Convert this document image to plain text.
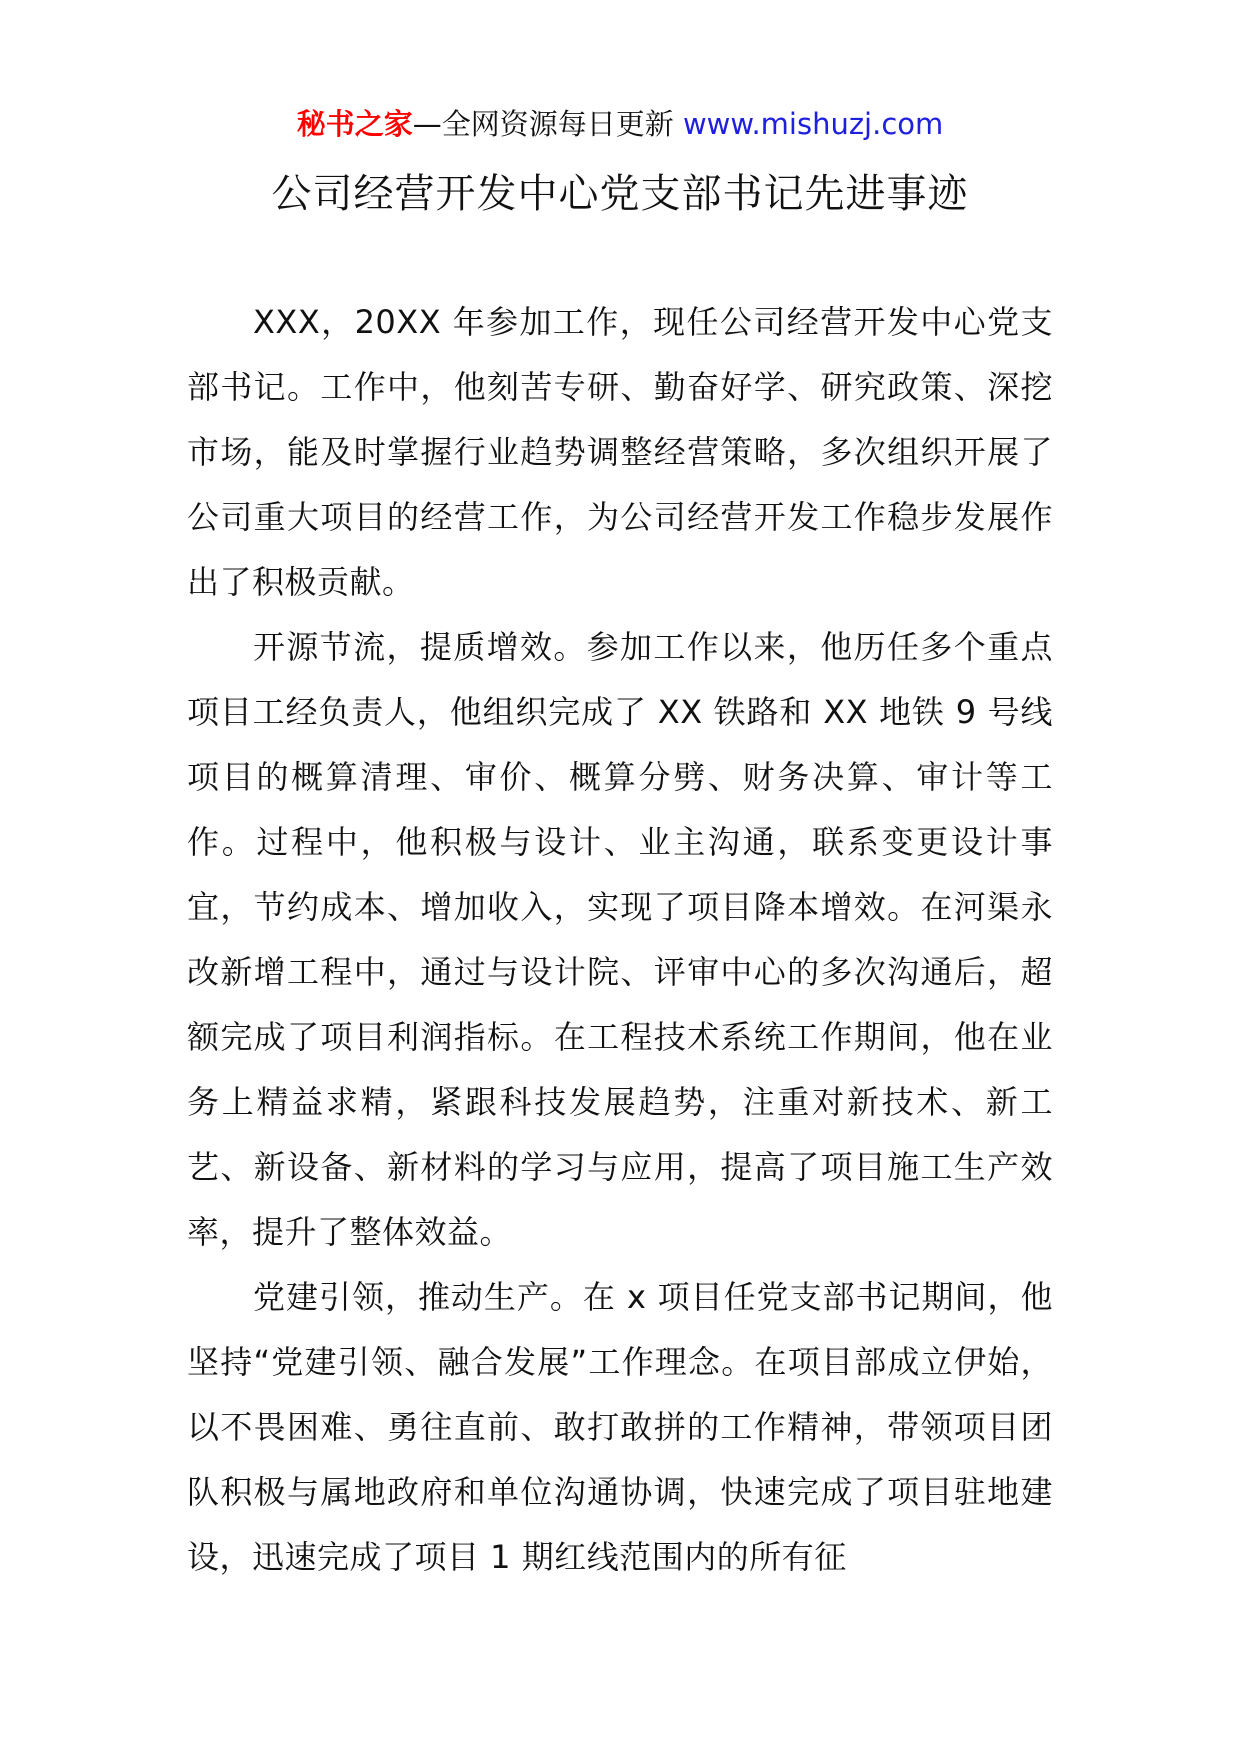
秘书之家—全网资源每日更新 www.mishuzj.com
公司经营开发中心党支部书记先进事迹

XXX，20XX 年参加工作，现任公司经营开发中心党支部书记。工作中，他刻苦专研、勤奋好学、研究政策、深挖市场，能及时掌握行业趋势调整经营策略，多次组织开展了公司重大项目的经营工作，为公司经营开发工作稳步发展作出了积极贡献。

开源节流，提质增效。参加工作以来，他历任多个重点项目工经负责人，他组织完成了 XX 铁路和 XX 地铁 9 号线项目的概算清理、审价、概算分劈、财务决算、审计等工作。过程中，他积极与设计、业主沟通，联系变更设计事宜，节约成本、增加收入，实现了项目降本增效。在河渠永改新增工程中，通过与设计院、评审中心的多次沟通后，超额完成了项目利润指标。在工程技术系统工作期间，他在业务上精益求精，紧跟科技发展趋势，注重对新技术、新工艺、新设备、新材料的学习与应用，提高了项目施工生产效率，提升了整体效益。

党建引领，推动生产。在 x 项目任党支部书记期间，他坚持“党建引领、融合发展”工作理念。在项目部成立伊始，以不畏困难、勇往直前、敢打敢拼的工作精神，带领项目团队积极与属地政府和单位沟通协调，快速完成了项目驻地建设，迅速完成了项目 1 期红线范围内的所有征
